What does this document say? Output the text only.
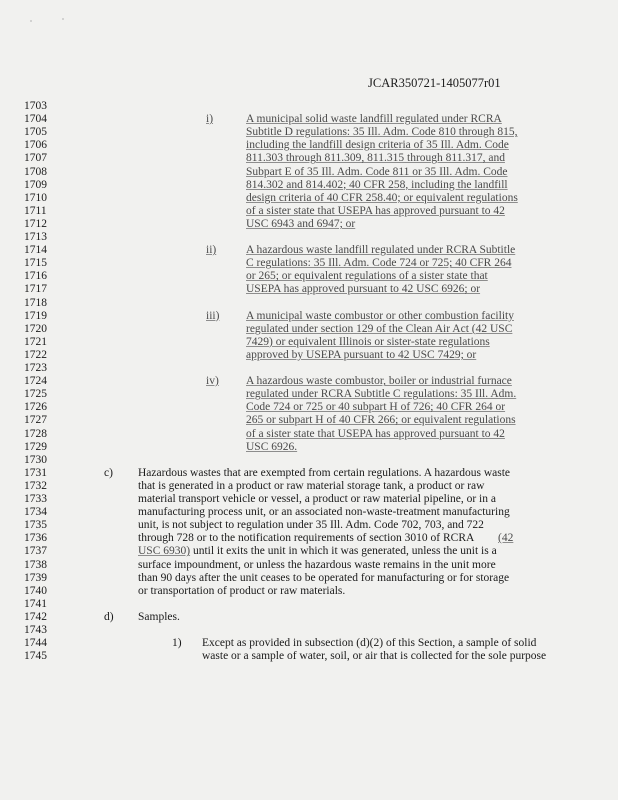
JCAR350721-1405077r01
1703
1704
1705
1706
1707
1708
1709
1710
1711
1712
1713
1714
1715
1716
1717
1718
1719
1720
1721
1722
1723
1724
1725
1726
1727
1728
1729
1730
1731
1732
1733
1734
1735
1736
1737
1738
1739
1740
1741
1742
1743
1744
1745
i)	A municipal solid waste landfill regulated under RCRA
Subtitle D regulations: 35 Ill. Adm. Code 810 through 815,
including the landfill design criteria of 35 Ill. Adm. Code
811.303 through 811.309, 811.315 through 811.317, and
Subpart E of 35 Ill. Adm. Code 811 or 35 Ill. Adm. Code
814.302 and 814.402; 40 CFR 258, including the landfill
design criteria of 40 CFR 258.40; or equivalent regulations
of a sister state that USEPA has approved pursuant to 42
USC 6943 and 6947; or
ii)	A hazardous waste landfill regulated under RCRA Subtitle
C regulations: 35 Ill. Adm. Code 724 or 725; 40 CFR 264
or 265; or equivalent regulations of a sister state that
USEPA has approved pursuant to 42 USC 6926; or
iii) A municipal waste combustor or other combustion facility
regulated under section 129 of the Clean Air Act (42 USC
7429) or equivalent Illinois or sister-state regulations
approved by USEPA pursuant to 42 USC 7429; or
iv) A hazardous waste combustor, boiler or industrial furnace
regulated under RCRA Subtitle C regulations: 35 Ill. Adm.
Code 724 or 725 or 40 subpart H of 726; 40 CFR 264 or
265 or subpart H of 40 CFR 266; or equivalent regulations
of a sister state that USEPA has approved pursuant to 42
USC 6926.
c) Hazardous wastes that are exempted from certain regulations. A hazardous waste
that is generated in a product or raw material storage tank, a product or raw
material transport vehicle or vessel, a product or raw material pipeline, or in a
manufacturing process unit, or an associated non-waste-treatment manufacturing
unit, is not subject to regulation under 35 Ill. Adm. Code 702, 703, and 722
through 728 or to the notification requirements of section 3010 of RCRA (42
USC 6930) until it exits the unit in which it was generated, unless the unit is a
surface impoundment, or unless the hazardous waste remains in the unit more
than 90 days after the unit ceases to be operated for manufacturing or for storage
or transportation of product or raw materials.
d) Samples.
1) Except as provided in subsection (d)(2) of this Section, a sample of solid
waste or a sample of water, soil, or air that is collected for the sole purpose
